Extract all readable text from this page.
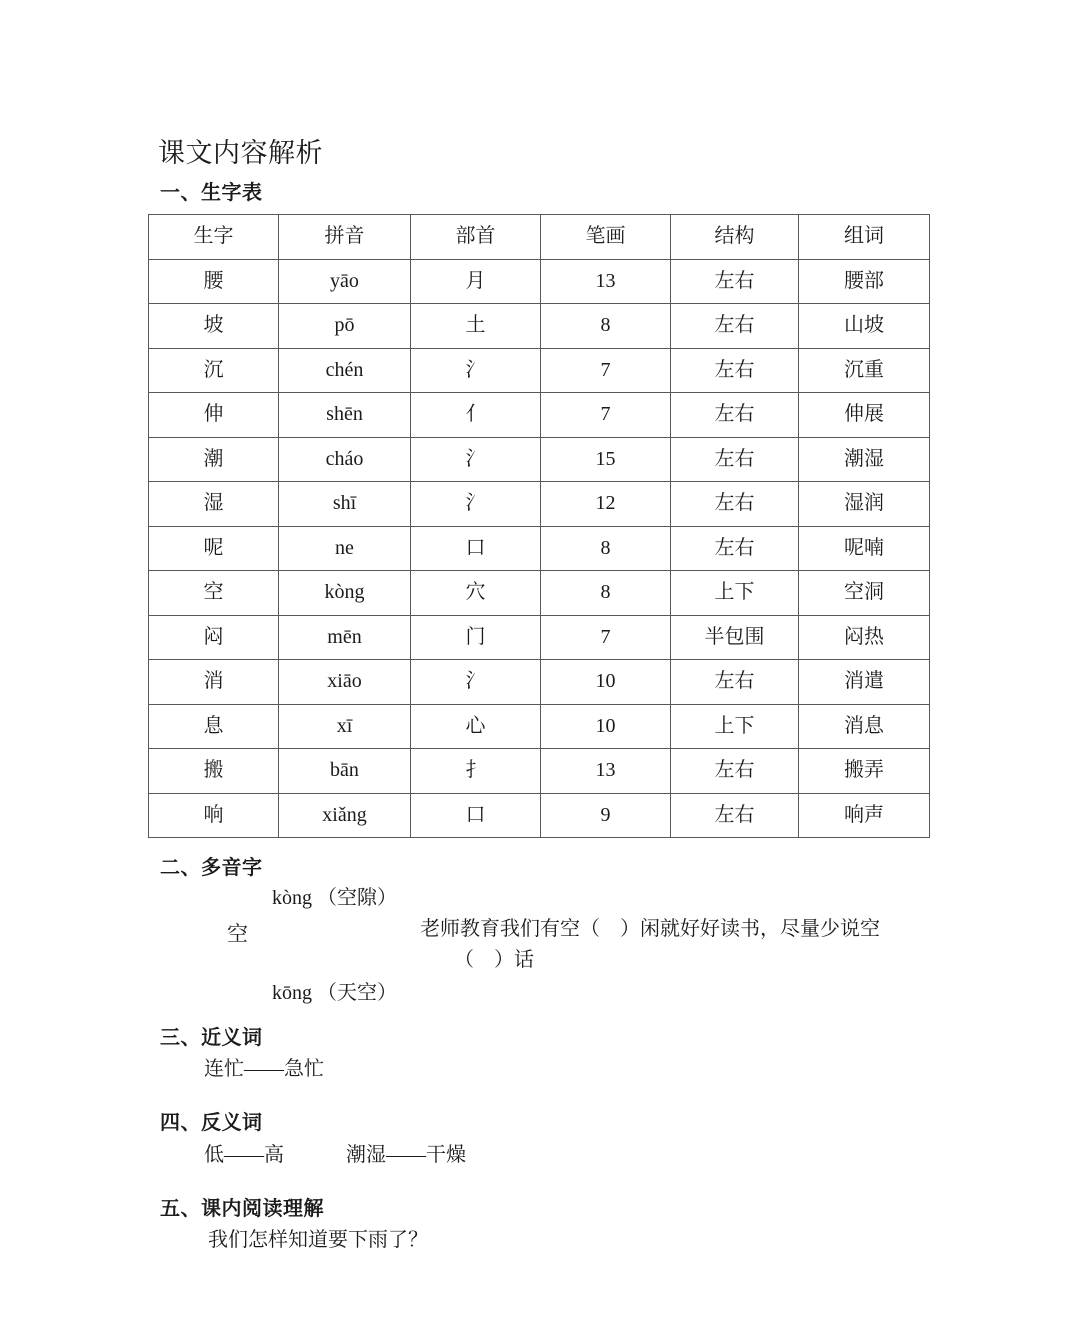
课文内容解析
一、生字表
生字	拼音	部首	笔画	结构	组词
腰	yāo	月	13	左右	腰部
坡	pō	土	8	左右	山坡
沉	chén	氵	7	左右	沉重
伸	shēn	亻	7	左右	伸展
潮	cháo	氵	15	左右	潮湿
湿	shī	氵	12	左右	湿润
呢	ne	口	8	左右	呢喃
空	kòng	穴	8	上下	空洞
闷	mēn	门	7	半包围	闷热
消	xiāo	氵	10	左右	消遣
息	xī	心	10	上下	消息
搬	bān	扌	13	左右	搬弄
响	xiǎng	口	9	左右	响声
二、多音字
kòng （空隙）
空	老师教育我们有空（　）闲就好好读书，尽量少说空
（　）话
kōng （天空）
三、近义词
连忙——急忙
四、反义词
低——高	潮湿——干燥
五、课内阅读理解
我们怎样知道要下雨了？
